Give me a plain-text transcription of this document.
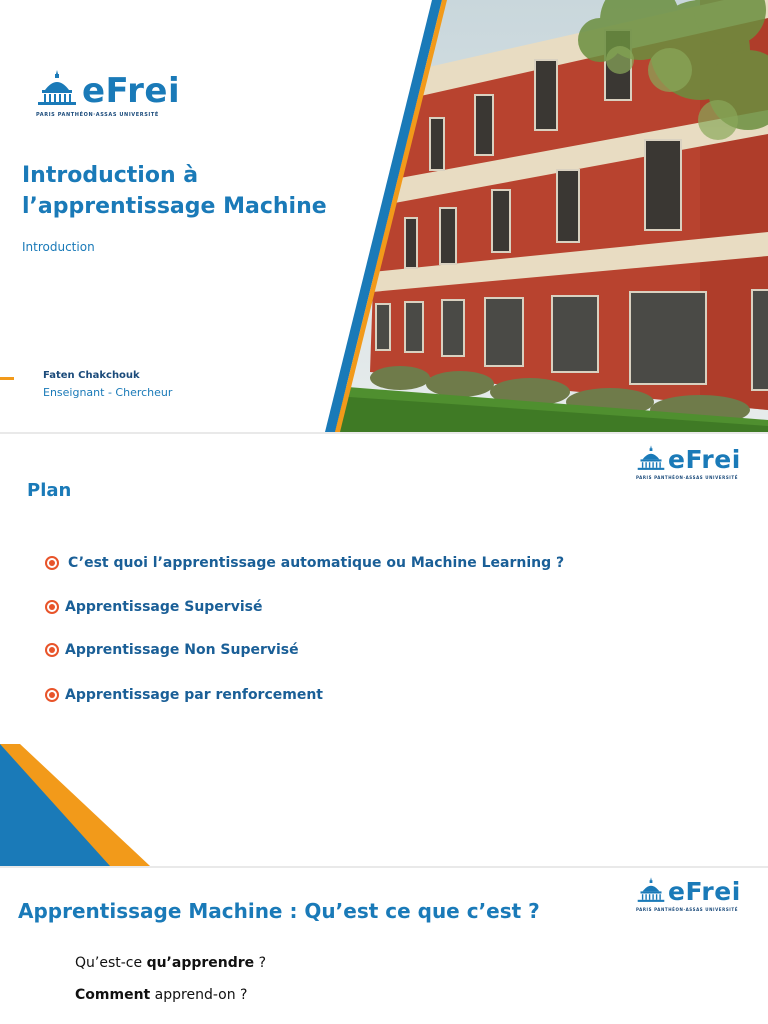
eFrei
PARIS PANTHÉON·ASSAS UNIVERSITÉ
Introduction à l’apprentissage Machine
Introduction
Faten Chakchouk
Enseignant - Chercheur
eFrei
PARIS PANTHÉON·ASSAS UNIVERSITÉ
Plan
C’est quoi l’apprentissage automatique ou Machine Learning ?
Apprentissage Supervisé
Apprentissage Non Supervisé
Apprentissage par renforcement
eFrei
PARIS PANTHÉON·ASSAS UNIVERSITÉ
Apprentissage Machine : Qu’est ce que c’est ?
Qu’est-ce qu’apprendre ?
Comment apprend-on ?
